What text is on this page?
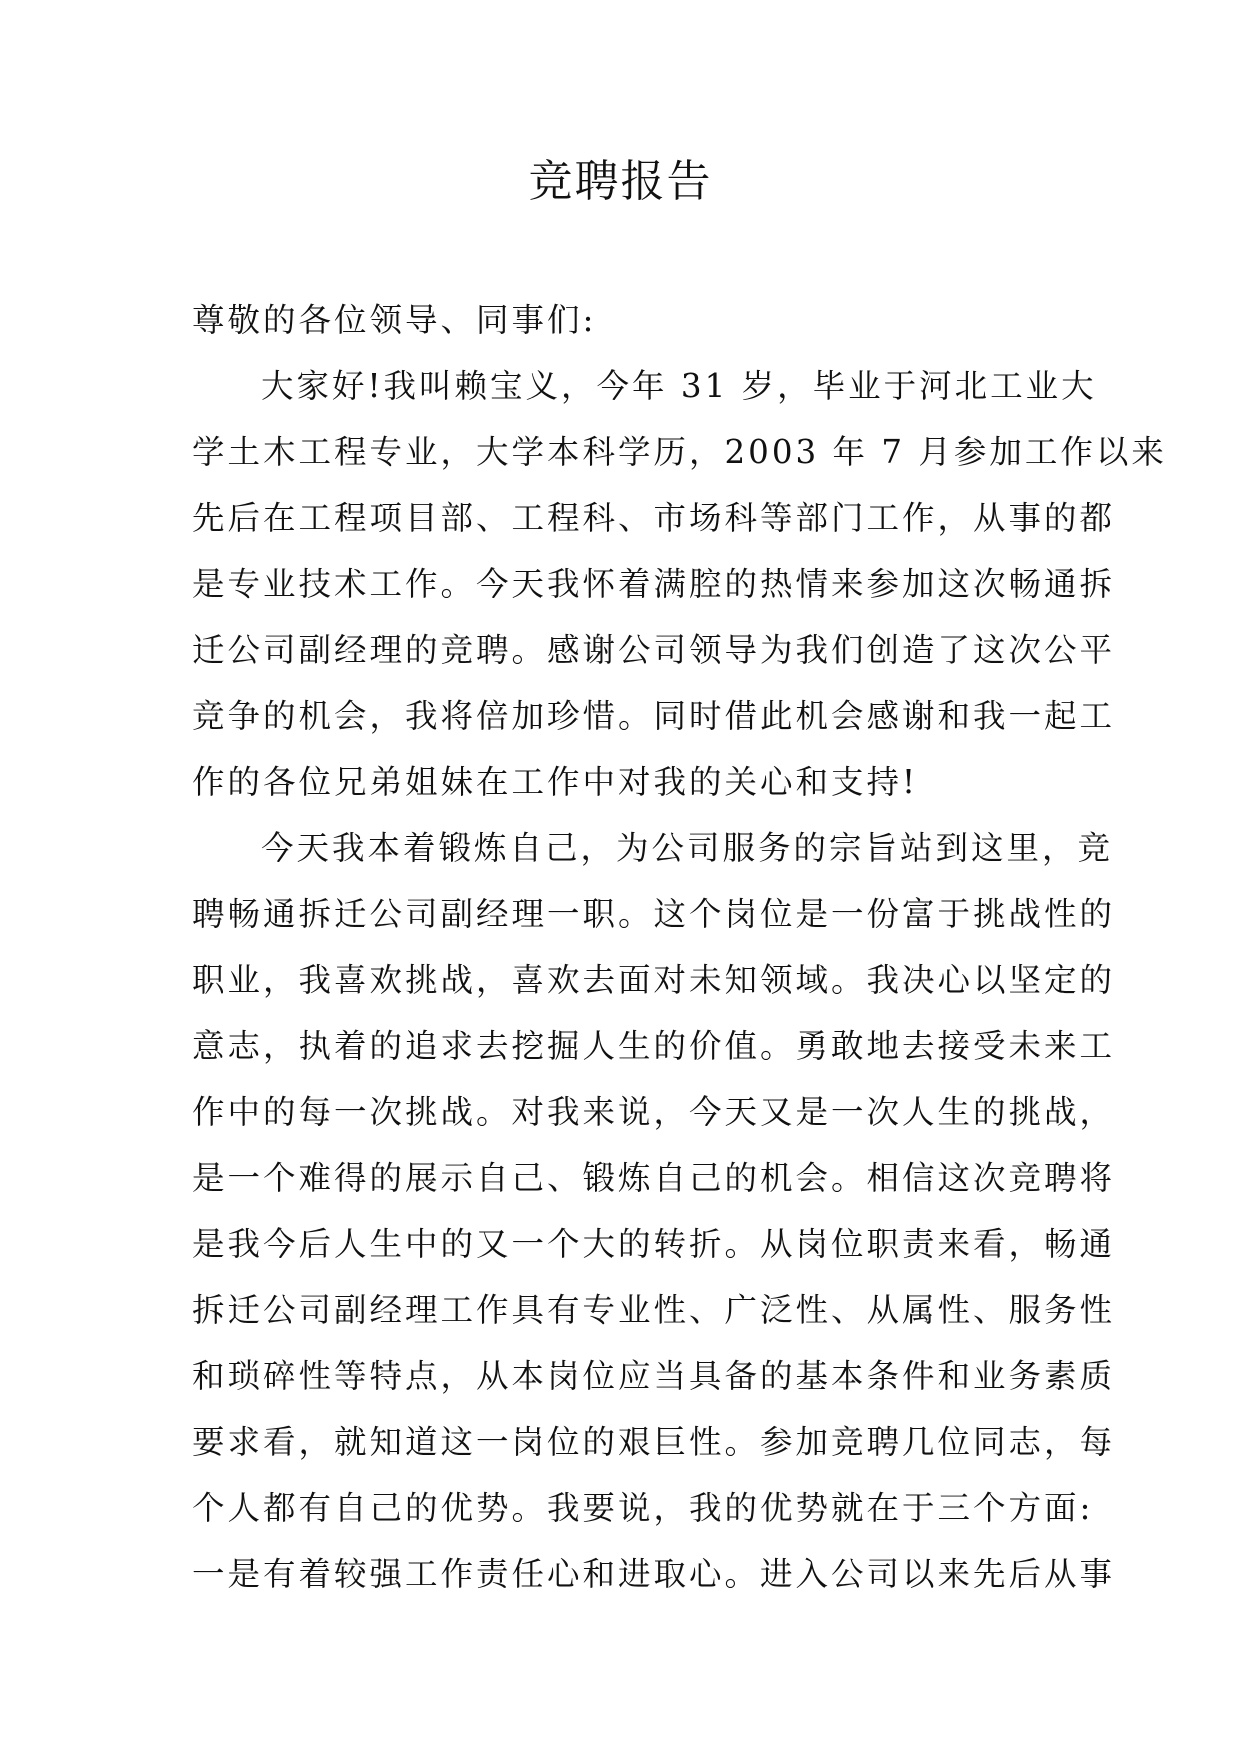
竞聘报告
尊敬的各位领导、同事们:
大家好!我叫赖宝义，今年 31 岁，毕业于河北工业大
学土木工程专业，大学本科学历，2003 年 7 月参加工作以来
先后在工程项目部、工程科、市场科等部门工作，从事的都
是专业技术工作。今天我怀着满腔的热情来参加这次畅通拆
迁公司副经理的竞聘。感谢公司领导为我们创造了这次公平
竞争的机会，我将倍加珍惜。同时借此机会感谢和我一起工
作的各位兄弟姐妹在工作中对我的关心和支持!
今天我本着锻炼自己，为公司服务的宗旨站到这里，竞
聘畅通拆迁公司副经理一职。这个岗位是一份富于挑战性的
职业，我喜欢挑战，喜欢去面对未知领域。我决心以坚定的
意志，执着的追求去挖掘人生的价值。勇敢地去接受未来工
作中的每一次挑战。对我来说，今天又是一次人生的挑战，
是一个难得的展示自己、锻炼自己的机会。相信这次竞聘将
是我今后人生中的又一个大的转折。从岗位职责来看，畅通
拆迁公司副经理工作具有专业性、广泛性、从属性、服务性
和琐碎性等特点，从本岗位应当具备的基本条件和业务素质
要求看，就知道这一岗位的艰巨性。参加竞聘几位同志，每
个人都有自己的优势。我要说，我的优势就在于三个方面:
一是有着较强工作责任心和进取心。进入公司以来先后从事
